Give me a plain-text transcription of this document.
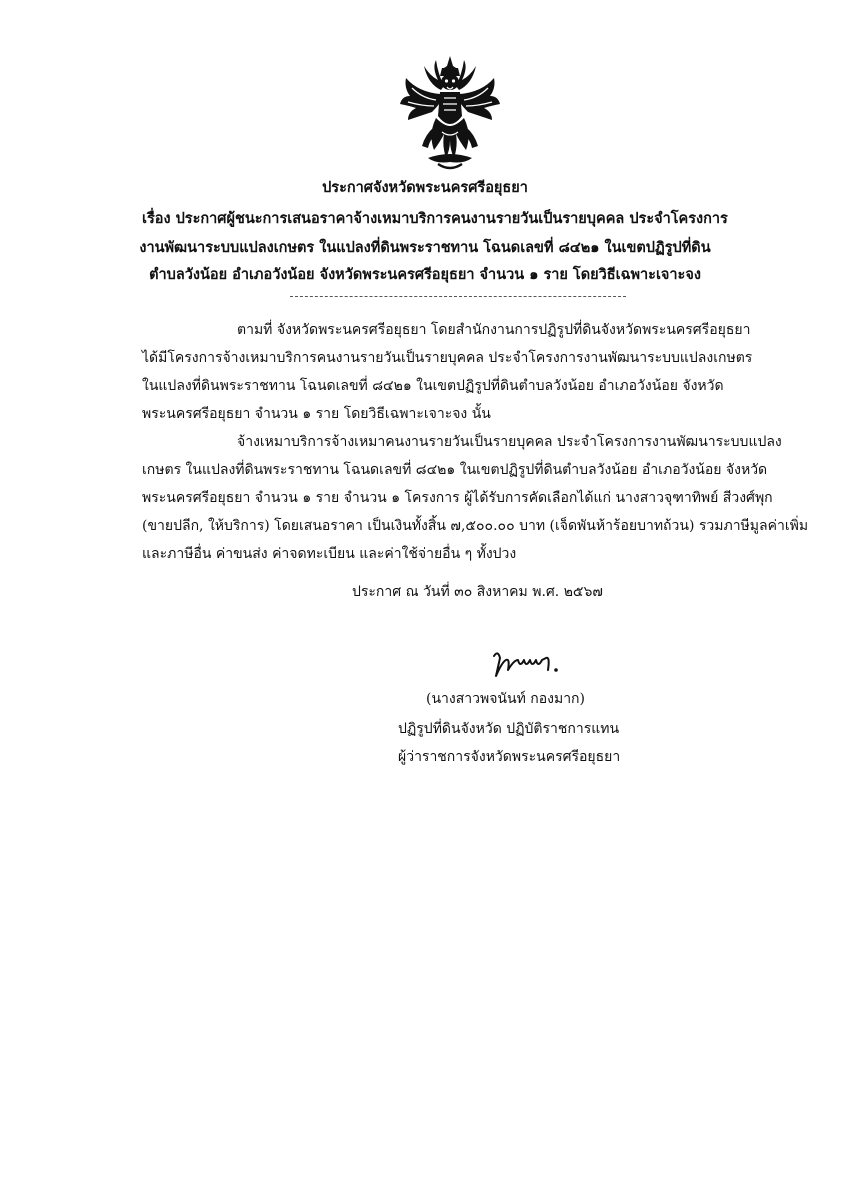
ประกาศจังหวัดพระนครศรีอยุธยา
เรื่อง ประกาศผู้ชนะการเสนอราคาจ้างเหมาบริการคนงานรายวันเป็นรายบุคคล ประจำโครงการ
งานพัฒนาระบบแปลงเกษตร ในแปลงที่ดินพระราชทาน โฉนดเลขที่ ๘๔๒๑ ในเขตปฏิรูปที่ดิน
ตำบลวังน้อย อำเภอวังน้อย จังหวัดพระนครศรีอยุธยา จำนวน ๑ ราย โดยวิธีเฉพาะเจาะจง
ตามที่ จังหวัดพระนครศรีอยุธยา โดยสำนักงานการปฏิรูปที่ดินจังหวัดพระนครศรีอยุธยา
ได้มีโครงการจ้างเหมาบริการคนงานรายวันเป็นรายบุคคล ประจำโครงการงานพัฒนาระบบแปลงเกษตร
ในแปลงที่ดินพระราชทาน โฉนดเลขที่ ๘๔๒๑ ในเขตปฏิรูปที่ดินตำบลวังน้อย อำเภอวังน้อย จังหวัด
พระนครศรีอยุธยา จำนวน ๑ ราย โดยวิธีเฉพาะเจาะจง นั้น
จ้างเหมาบริการจ้างเหมาคนงานรายวันเป็นรายบุคคล ประจำโครงการงานพัฒนาระบบแปลง
เกษตร ในแปลงที่ดินพระราชทาน โฉนดเลขที่ ๘๔๒๑ ในเขตปฏิรูปที่ดินตำบลวังน้อย อำเภอวังน้อย จังหวัด
พระนครศรีอยุธยา จำนวน ๑ ราย จำนวน ๑ โครงการ ผู้ได้รับการคัดเลือกได้แก่ นางสาวจุฑาทิพย์ สีวงศ์พุก
(ขายปลีก, ให้บริการ) โดยเสนอราคา เป็นเงินทั้งสิ้น ๗,๕๐๐.๐๐ บาท (เจ็ดพันห้าร้อยบาทถ้วน) รวมภาษีมูลค่าเพิ่ม
และภาษีอื่น ค่าขนส่ง ค่าจดทะเบียน และค่าใช้จ่ายอื่น ๆ ทั้งปวง
ประกาศ ณ วันที่ ๓๐ สิงหาคม พ.ศ. ๒๕๖๗
(นางสาวพจนันท์ กองมาก)
ปฏิรูปที่ดินจังหวัด ปฏิบัติราชการแทน
ผู้ว่าราชการจังหวัดพระนครศรีอยุธยา
